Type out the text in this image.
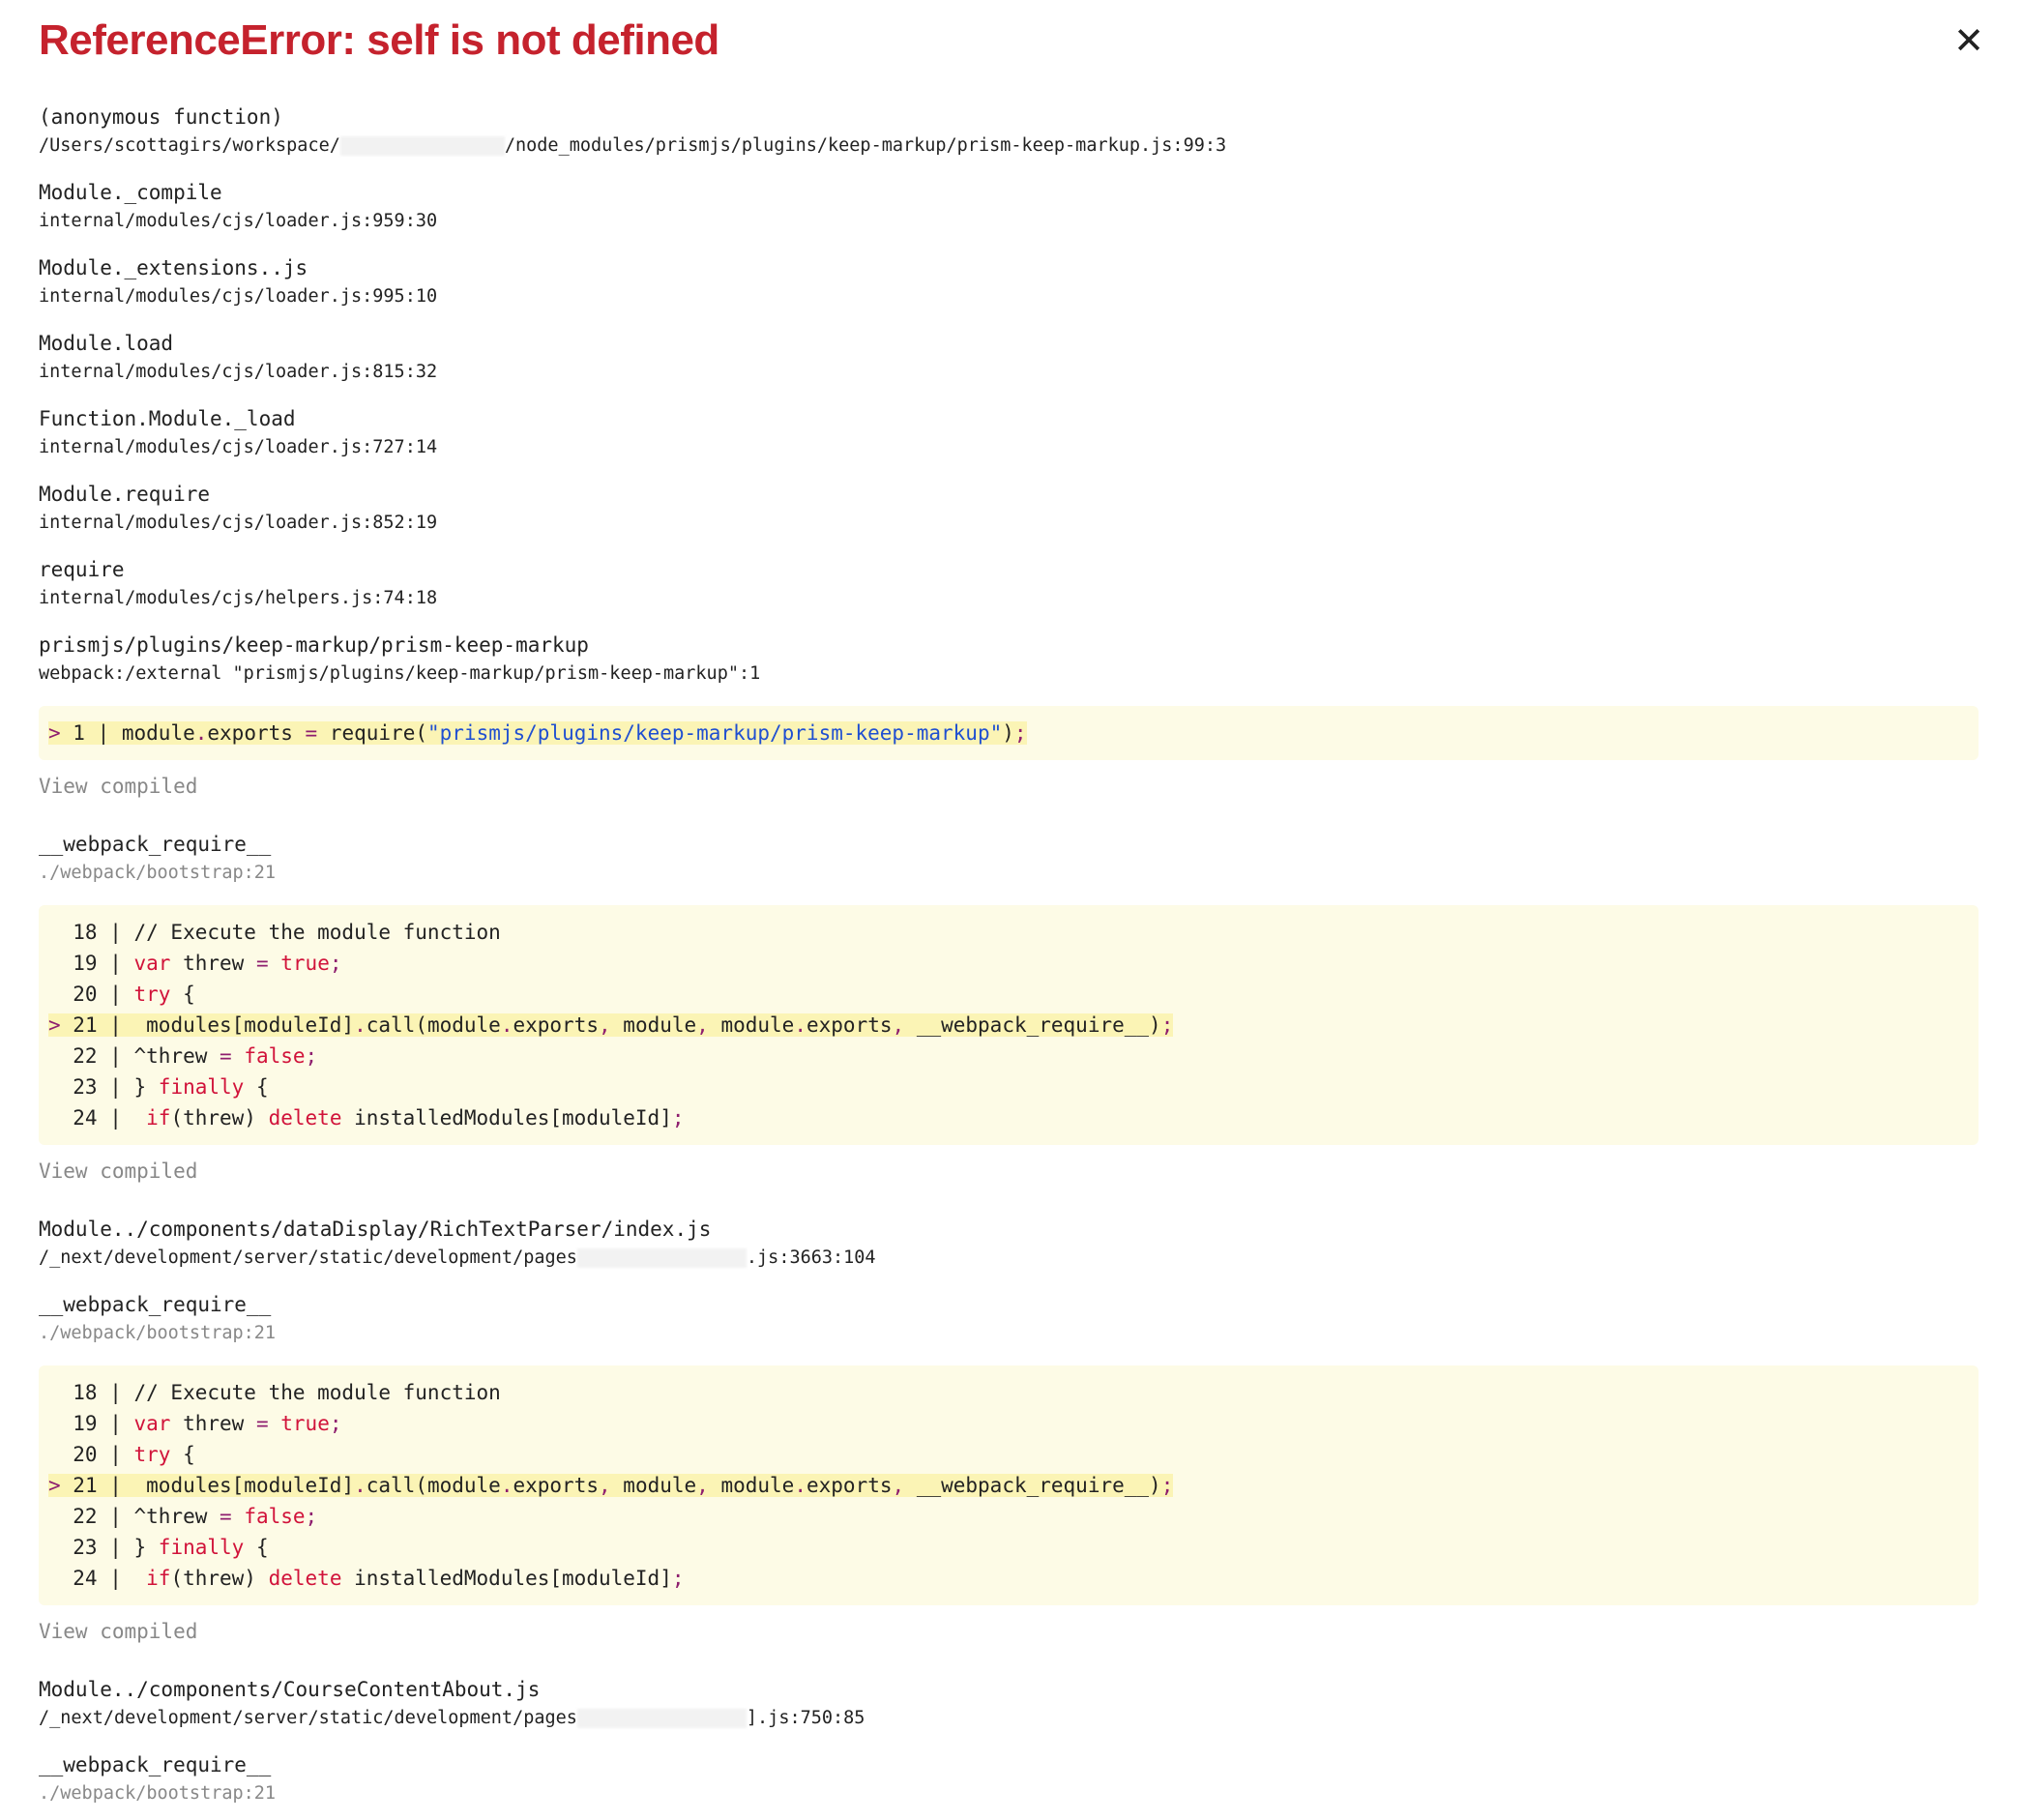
ReferenceError: self is not defined	✕
(anonymous function)
/Users/scottagirs/workspace/	/node_modules/prismjs/plugins/keep-markup/prism-keep-markup.js:99:3
Module._compile
internal/modules/cjs/loader.js:959:30
Module._extensions..js
internal/modules/cjs/loader.js:995:10
Module.load
internal/modules/cjs/loader.js:815:32
Function.Module._load
internal/modules/cjs/loader.js:727:14
Module.require
internal/modules/cjs/loader.js:852:19
require
internal/modules/cjs/helpers.js:74:18
prismjs/plugins/keep-markup/prism-keep-markup
webpack:/external "prismjs/plugins/keep-markup/prism-keep-markup":1
> 1 | module.exports = require("prismjs/plugins/keep-markup/prism-keep-markup");
View compiled
__webpack_require__
./webpack/bootstrap:21
18 | // Execute the module function
19 | var threw = true;
20 | try {
> 21 |  modules[moduleId].call(module.exports, module, module.exports, __webpack_require__);
22 | ^threw = false;
23 | } finally {
24 |  if(threw) delete installedModules[moduleId];
View compiled
Module../components/dataDisplay/RichTextParser/index.js
/_next/development/server/static/development/pages	.js:3663:104
__webpack_require__
./webpack/bootstrap:21
18 | // Execute the module function
19 | var threw = true;
20 | try {
> 21 |  modules[moduleId].call(module.exports, module, module.exports, __webpack_require__);
22 | ^threw = false;
23 | } finally {
24 |  if(threw) delete installedModules[moduleId];
View compiled
Module../components/CourseContentAbout.js
/_next/development/server/static/development/pages	].js:750:85
__webpack_require__
./webpack/bootstrap:21
